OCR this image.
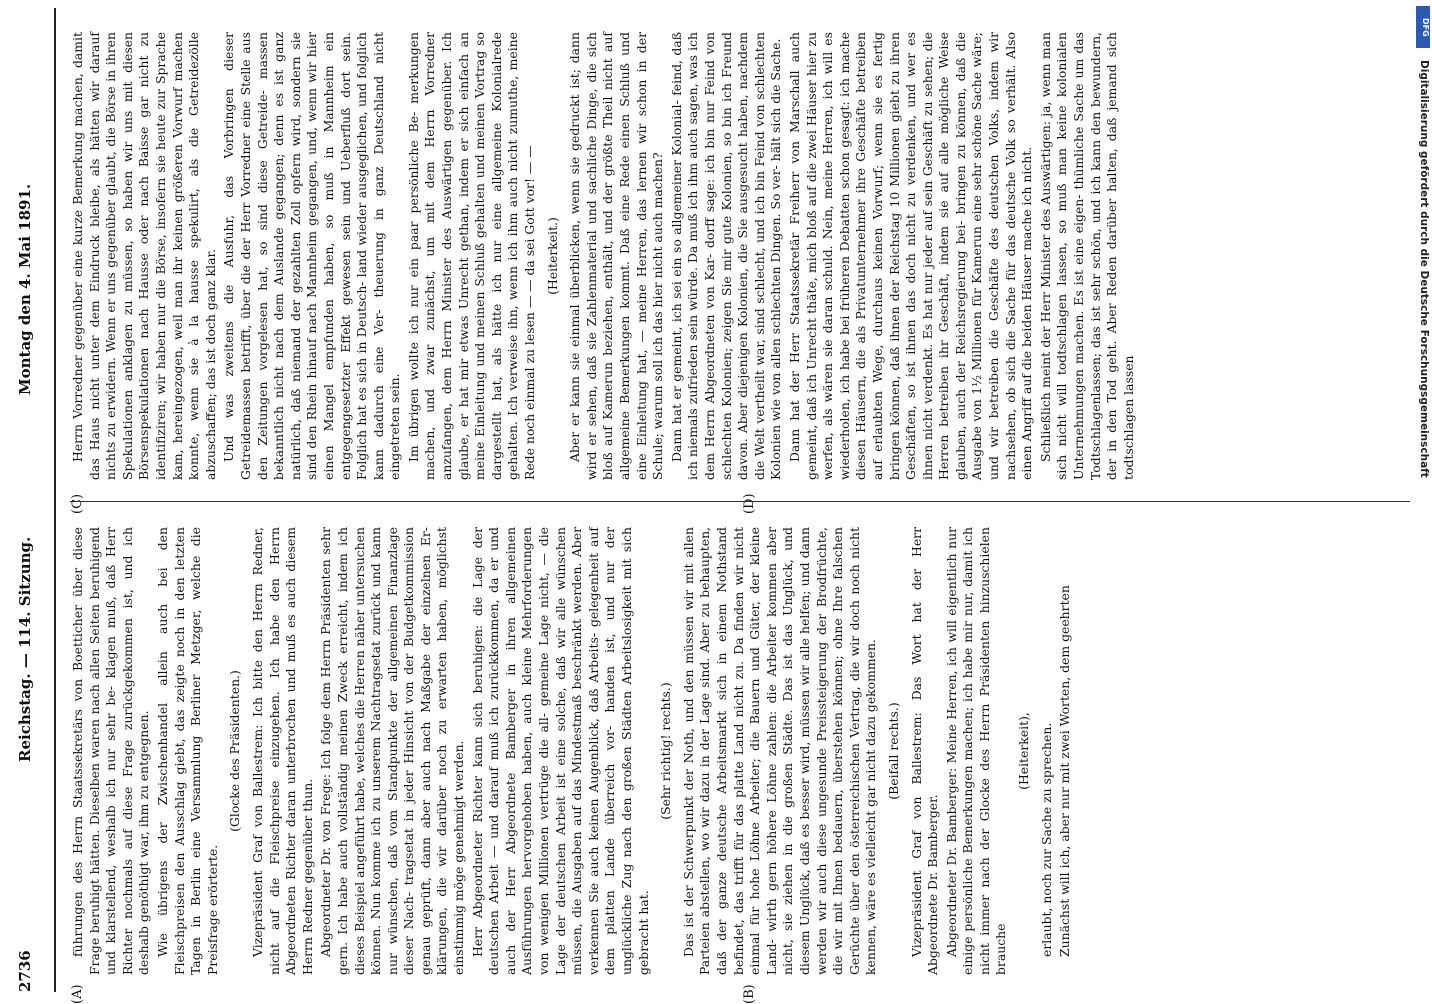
2736
Reichstag. — 114. Sitzung.
Montag den 4. Mai 1891.
(A)	(B)
(C)	(D)

führungen des Herrn Staatssekretärs von Boetticher über diese Frage beruhigt hätten. Dieselben waren nach allen Seiten beruhigend und klarstellend, weshalb ich nur sehr be- klagen muß, daß Herr Richter nochmals auf diese Frage zurückgekommen ist, und ich deshalb genöthigt war, ihm zu entgegnen. Wie übrigens der Zwischenhandel allein auch bei den Fleischpreisen den Ausschlag giebt, das zeigte noch in den letzten Tagen in Berlin eine Versammlung Berliner Metzger, welche die Preisfrage erörterte.

(Glocke des Präsidenten.) Vizepräsident Graf von Ballestrem: Ich bitte den Herrn Redner, nicht auf die Fleischpreise einzugehen. Ich habe den Herrn Abgeordneten Richter daran unterbrochen und muß es auch diesem Herrn Redner gegenüber thun. Abgeordneter Dr. von Frege: Ich folge dem Herrn Präsidenten sehr gern. Ich habe auch vollständig meinen Zweck erreicht, indem ich dieses Beispiel angeführt habe, welches die Herren näher untersuchen können. Nun komme ich zu unserem Nachtragsetat zurück und kann nur wünschen, daß vom Standpunkte der allgemeinen Finanzlage dieser Nach- tragsetat in jeder Hinsicht von der Budgetkommission genau geprüft, dann aber auch nach Maßgabe der einzelnen Er- klärungen, die wir darüber noch zu erwarten haben, möglichst einstimmig möge genehmigt werden. Herr Abgeordneter Richter kann sich beruhigen: die Lage der deutschen Arbeit — und darauf muß ich zurückkommen, da er und auch der Herr Abgeordnete Bamberger in ihren allgemeinen Ausführungen hervorgehoben haben, auch kleine Mehrforderungen von wenigen Millionen vertrüge die all- gemeine Lage nicht, — die Lage der deutschen Arbeit ist eine solche, daß wir alle wünschen müssen, die Ausgaben auf das Mindestmaß beschränkt werden. Aber verkennen Sie auch keinen Augenblick, daß Arbeits- gelegenheit auf dem platten Lande überreich vor- handen ist, und nur der unglückliche Zug nach den großen Städten Arbeitslosigkeit mit sich gebracht hat.

(Sehr richtig! rechts.) Das ist der Schwerpunkt der Noth, und den müssen wir mit allen Parteien abstellen, wo wir dazu in der Lage sind. Aber zu behaupten, daß der ganze deutsche Arbeitsmarkt sich in einem Nothstand befindet, das trifft für das platte Land nicht zu. Da finden wir nicht einmal für hohe Löhne Arbeiter; die Bauern und Güter, der kleine Land- wirth gern höhere Löhne zahlen: die Arbeiter kommen aber nicht, sie ziehen in die großen Städte. Das ist das Unglück, und diesem Unglück, daß es besser wird, müssen wir alle helfen; und dann werden wir auch diese ungesunde Preissteigerung der Brodfrüchte, die wir mit Ihnen bedauern, überstehen können; ohne Ihre falschen Gerüchte über den österreichischen Vertrag, die wir doch noch nicht kennen, wäre es vielleicht gar nicht dazu gekommen. (Beifall rechts.) Vizepräsident Graf von Ballestrem: Das Wort hat der Herr Abgeordnete Dr. Bamberger. Abgeordneter Dr. Bamberger: Meine Herren, ich will eigentlich nur einige persönliche Bemerkungen machen; ich habe mir nur, damit ich nicht immer nach der Glocke des Herrn Präsidenten hinzuschielen brauche

(Heiterkeit), erlaubt, noch zur Sache zu sprechen. Zunächst will ich, aber nur mit zwei Worten, dem geehrten

Herrn Vorredner gegenüber eine kurze Bemerkung machen, damit das Haus nicht unter dem Eindruck bleibe, als hätten wir darauf nichts zu erwidern. Wenn er uns gegenüber glaubt, die Börse in ihren Spekulationen anklagen zu müssen, so haben wir uns mit diesen Börsenspekulationen nach Hausse oder nach Baisse gar nicht zu identifiziren; wir haben nur die Börse, insofern sie heute zur Sprache kam, hereingezogen, weil man ihr keinen größeren Vorwurf machen konnte, wenn sie à la hausse spekulirt, als die Getreidezölle abzuschaffen; das ist doch ganz klar. Und was zweitens die Ausfuhr, das Vorbringen dieser Getreidemassen betrifft, über die der Herr Vorredner eine Stelle aus den Zeitungen vorgelesen hat, so sind diese Getreide- massen bekanntlich nicht nach dem Auslande gegangen; denn es ist ganz natürlich, daß niemand der gezahlten Zoll opfern wird, sondern sie sind den Rhein hinauf nach Mannheim gegangen, und, wenn wir hier einen Mangel empfunden haben, so muß in Mannheim ein entgegengesetzter Effekt gewesen sein und Ueberfluß dort sein. Folglich hat es sich in Deutsch- land wieder ausgeglichen, und folglich kann dadurch eine Ver- theuerung in ganz Deutschland nicht eingetreten sein. Im übrigen wollte ich nur ein paar persönliche Be- merkungen machen, und zwar zunächst, um mit dem Herrn Vorredner anzufangen, dem Herrn Minister des Auswärtigen gegenüber. Ich glaube, er hat mir etwas Unrecht gethan, indem er sich einfach an meine Einleitung und meinen Schluß gehalten und meinen Vortrag so dargestellt hat, als hätte ich nur eine allgemeine Kolonialrede gehalten. Ich verweise ihn, wenn ich ihm auch nicht zumuthe, meine Rede noch einmal zu lesen — — da sei Gott vor! — — (Heiterkeit.) Aber er kann sie einmal überblicken, wenn sie gedruckt ist; dann wird er sehen, daß sie Zahlenmaterial und sachliche Dinge, die sich bloß auf Kamerun beziehen, enthält, und der größte Theil nicht auf allgemeine Bemerkungen kommt. Daß eine Rede einen Schluß und eine Einleitung hat, — meine Herren, das lernen wir schon in der Schule; warum soll ich das hier nicht auch machen? Dann hat er gemeint, ich sei ein so allgemeiner Kolonial- feind, daß ich niemals zufrieden sein würde. Da muß ich ihm auch sagen, was ich dem Herrn Abgeordneten von Kar- dorff sage: ich bin nur Feind von schlechten Kolonien; zeigen Sie mir gute Kolonien, so bin ich Freund davon. Aber diejenigen Kolonien, die Sie ausgesucht haben, nachdem die Welt vertheilt war, sind schlecht, und ich bin Feind von schlechten Kolonien wie von allen schlechten Dingen. So ver- hält sich die Sache. Dann hat der Herr Staatssekretär Freiherr von Marschall auch gemeint, daß ich Unrecht thäte, mich bloß auf die zwei Häuser hier zu werfen, als wären sie daran schuld. Nein, meine Herren, ich will es wiederholen, ich habe bei früheren Debatten schon gesagt: ich mache diesen Häusern, die als Privatunternehmer ihre Geschäfte betreiben auf erlaubten Wege, durchaus keinen Vorwurf; wenn sie es fertig bringen können, daß ihnen der Reichstag 10 Millionen giebt zu ihren Geschäften, so ist ihnen das doch nicht zu verdenken, und wer es ihnen nicht verdenkt. Es hat nur jeder auf sein Geschäft zu sehen; die Herren betreiben ihr Geschäft, indem sie auf alle mögliche Weise glauben, auch der Reichsregierung bei- bringen zu können, daß die Ausgabe von 1½ Millionen für Kamerun eine sehr schöne Sache wäre; und wir betreiben die Geschäfte des deutschen Volks, indem wir nachsehen, ob sich die Sache für das deutsche Volk so verhält. Also einen Angriff auf die beiden Häuser mache ich nicht. Schließlich meint der Herr Minister des Auswärtigen: ja, wenn man sich nicht will todtschlagen lassen, so muß man keine kolonialen Unternehmungen machen. Es ist eine eigen- thümliche Sache um das Todtschlagenlassen; das ist sehr schön, und ich kann den bewundern, der in den Tod geht. Aber Reden darüber halten, daß jemand sich todtschlagen lassen	Digitalisierung gefördert durch die Deutsche Forschungsgemeinschaft
DFG
